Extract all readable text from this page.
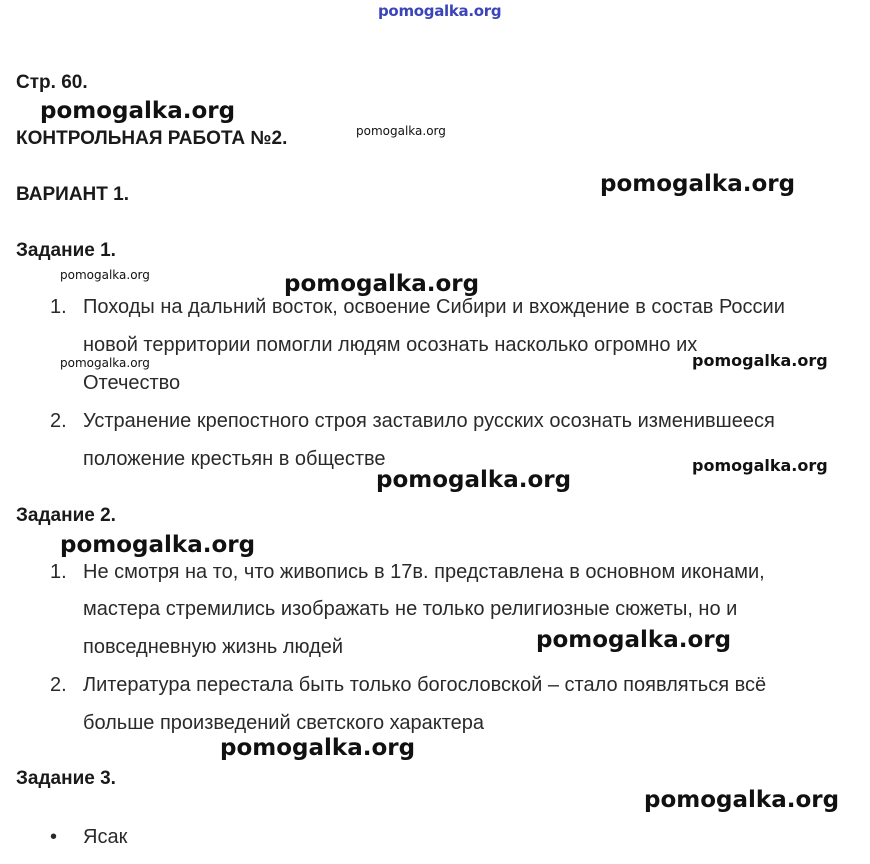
pomogalka.org
pomogalka.org
pomogalka.org
pomogalka.org
pomogalka.org	pomogalka.org
pomogalka.org	pomogalka.org
pomogalka.org
pomogalka.org
pomogalka.org
pomogalka.org
pomogalka.org
pomogalka.org
Стр. 60.
КОНТРОЛЬНАЯ РАБОТА №2.
ВАРИАНТ 1.
Задание 1.
1. Походы на дальний восток, освоение Сибири и вхождение в состав России
новой территории помогли людям осознать насколько огромно их
Отечество
2. Устранение крепостного строя заставило русских осознать изменившееся
положение крестьян в обществе
Задание 2.
1. Не смотря на то, что живопись в 17в. представлена в основном иконами,
мастера стремились изображать не только религиозные сюжеты, но и
повседневную жизнь людей
2. Литература перестала быть только богословской – стало появляться всё
больше произведений светского характера
Задание 3.
• Ясак
